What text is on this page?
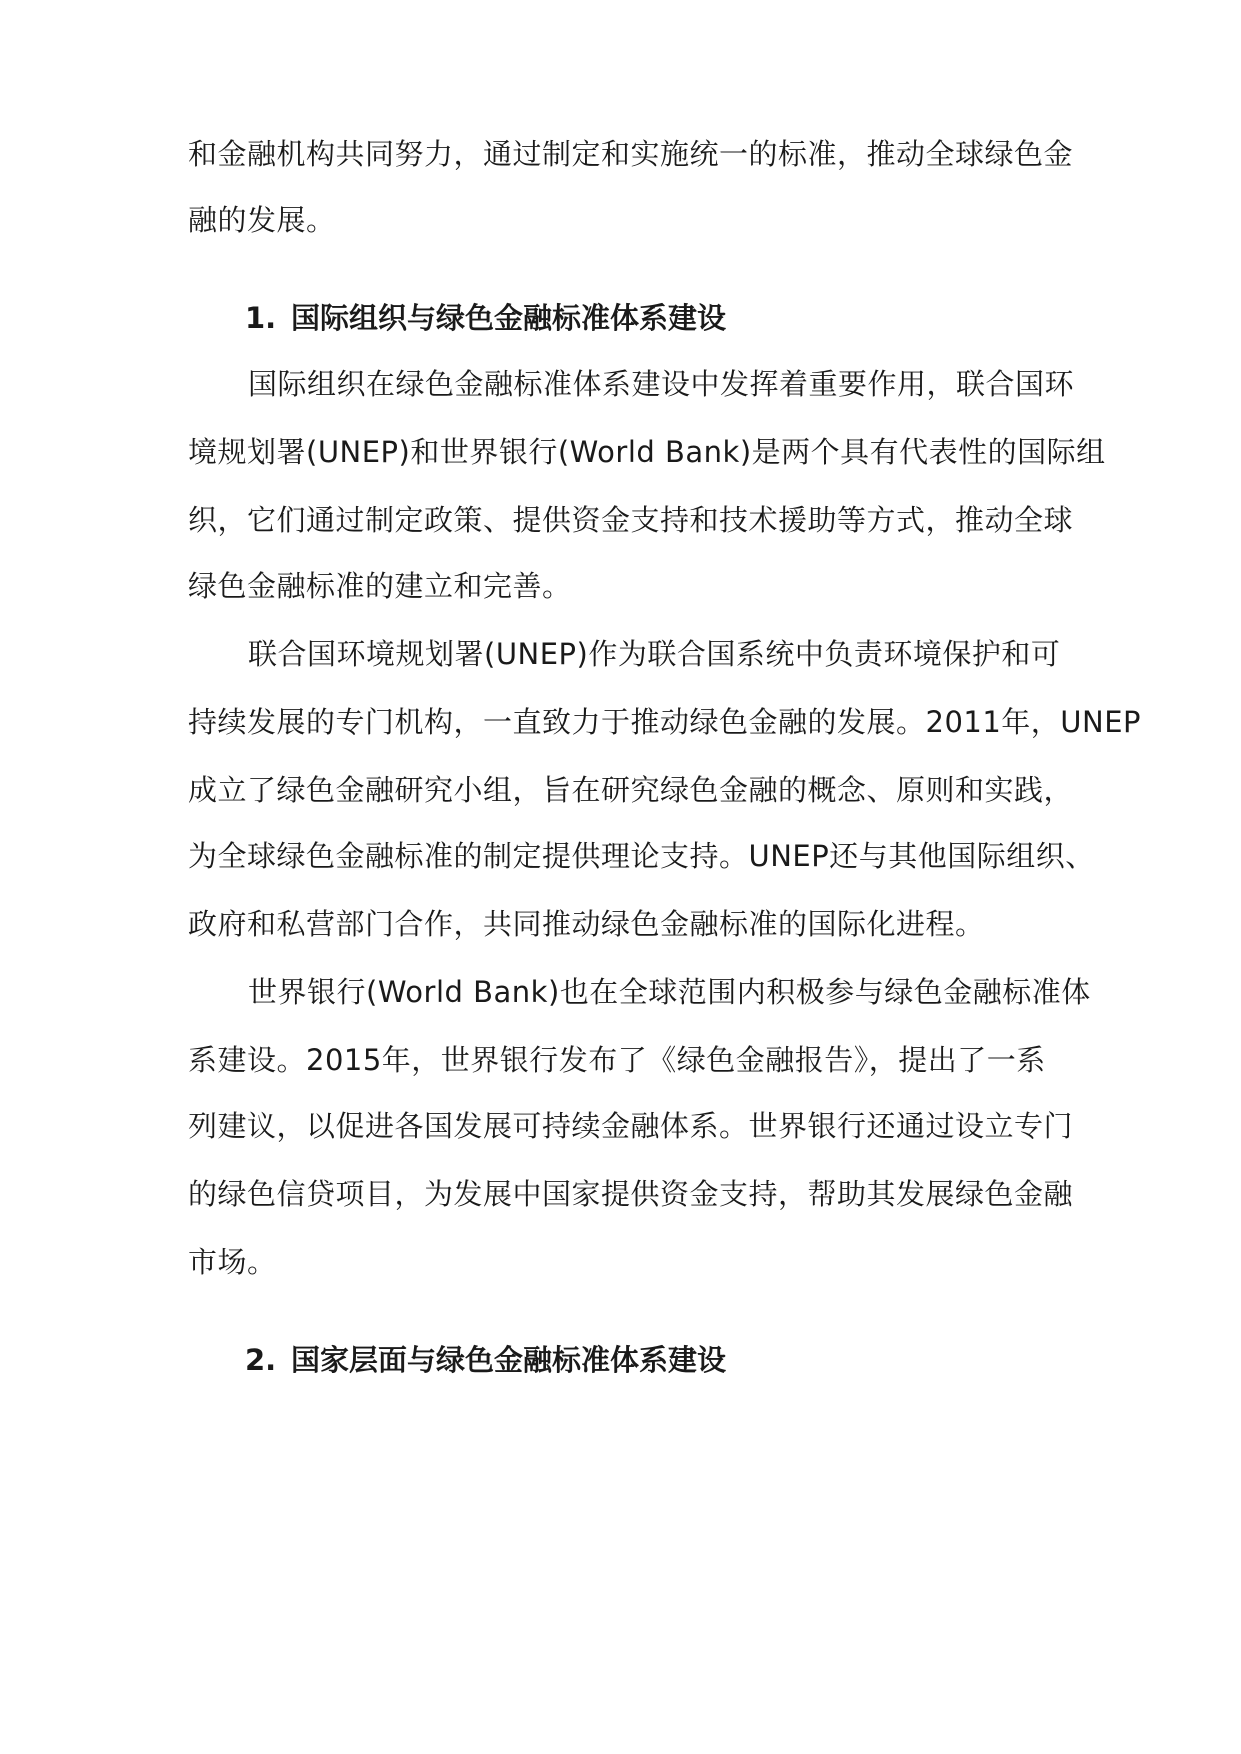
和金融机构共同努力，通过制定和实施统一的标准，推动全球绿色金
融的发展。
1. 国际组织与绿色金融标准体系建设
国际组织在绿色金融标准体系建设中发挥着重要作用，联合国环
境规划署(UNEP)和世界银行(World Bank)是两个具有代表性的国际组
织，它们通过制定政策、提供资金支持和技术援助等方式，推动全球
绿色金融标准的建立和完善。
联合国环境规划署(UNEP)作为联合国系统中负责环境保护和可
持续发展的专门机构，一直致力于推动绿色金融的发展。2011年，UNEP
成立了绿色金融研究小组，旨在研究绿色金融的概念、原则和实践，
为全球绿色金融标准的制定提供理论支持。UNEP还与其他国际组织、
政府和私营部门合作，共同推动绿色金融标准的国际化进程。
世界银行(World Bank)也在全球范围内积极参与绿色金融标准体
系建设。2015年，世界银行发布了《绿色金融报告》，提出了一系
列建议，以促进各国发展可持续金融体系。世界银行还通过设立专门
的绿色信贷项目，为发展中国家提供资金支持，帮助其发展绿色金融
市场。
2. 国家层面与绿色金融标准体系建设
